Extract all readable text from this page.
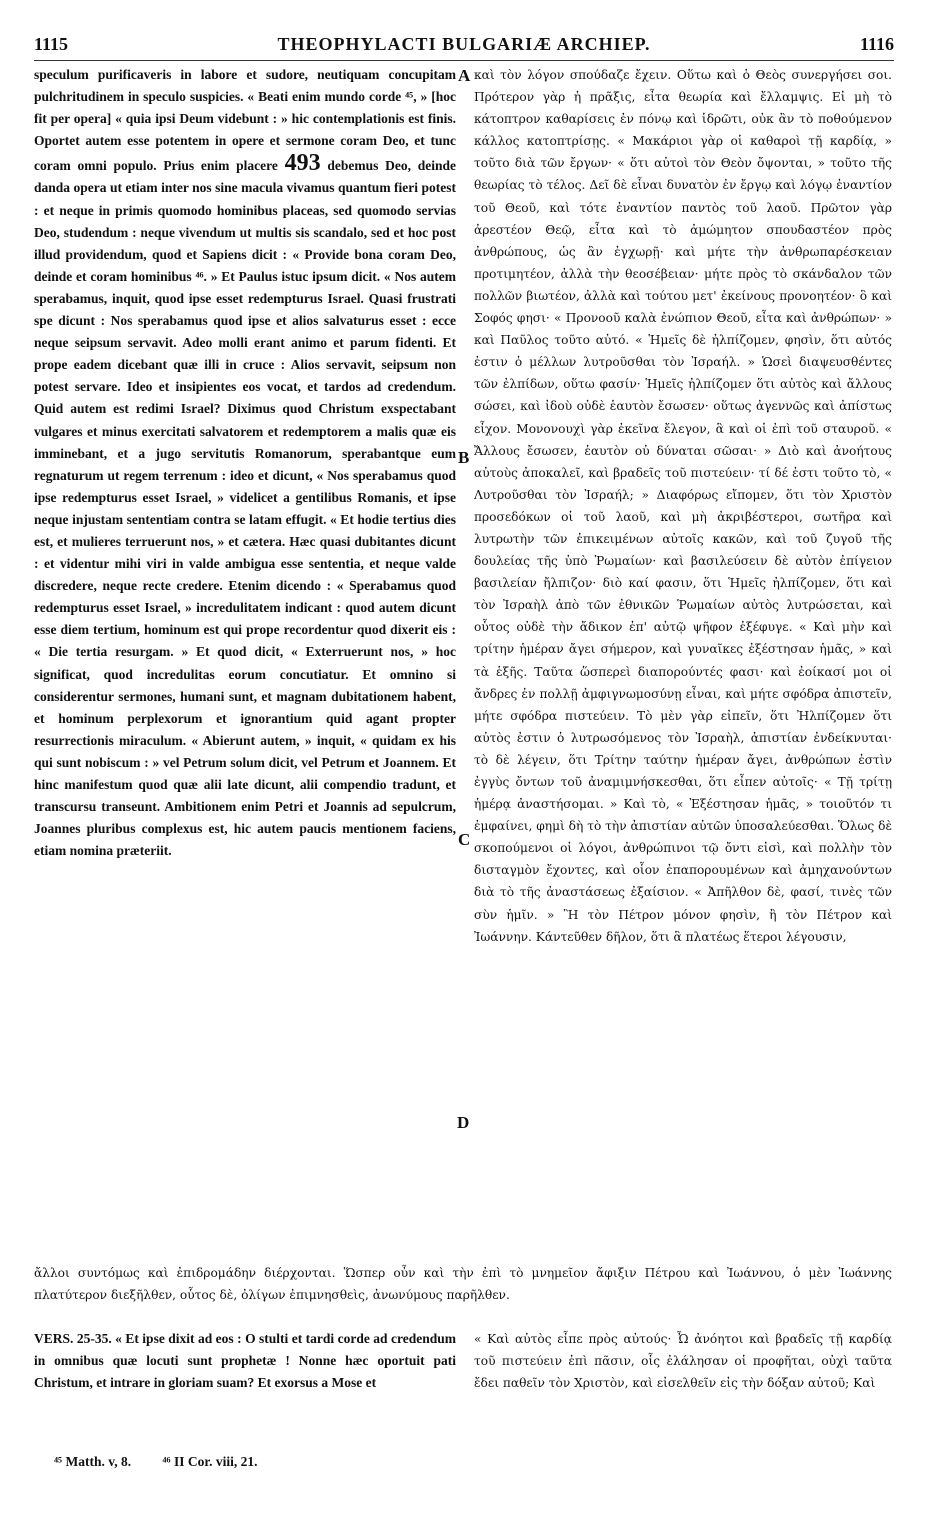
1115	THEOPHYLACTI BULGARIÆ ARCHIEP.	1116

speculum purificaveris in labore et sudore, neutiquam concupitam pulchritudinem in speculo suspicies. « Beati enim mundo corde ⁴⁵, » [hoc fit per opera] « quia ipsi Deum videbunt : » hic contemplationis est finis. Oportet autem esse potentem in opere et sermone coram Deo, et tunc coram omni populo. Prius enim placere 493 debemus Deo, deinde danda opera ut etiam inter nos sine macula vivamus quantum fieri potest : et neque in primis quomodo hominibus placeas, sed quomodo servias Deo, studendum : neque vivendum ut multis sis scandalo, sed et hoc post illud providendum, quod et Sapiens dicit : « Provide bona coram Deo, deinde et coram hominibus ⁴⁶. » Et Paulus istuc ipsum dicit. « Nos autem sperabamus, inquit, quod ipse esset redempturus Israel. Quasi frustrati spe dicunt : Nos sperabamus quod ipse et alios salvaturus esset : ecce neque seipsum servavit. Adeo molli erant animo et parum fidenti. Et prope eadem dicebant quæ illi in cruce : Alios servavit, seipsum non potest servare. Ideo et insipientes eos vocat, et tardos ad credendum. Quid autem est redimi Israel? Diximus quod Christum exspectabant vulgares et minus exercitati salvatorem et redemptorem a malis quæ eis imminebant, et a jugo servitutis Romanorum, sperabantque eum regnaturum ut regem terrenum : ideo et dicunt, « Nos sperabamus quod ipse redempturus esset Israel, » videlicet a gentilibus Romanis, et ipse neque injustam sententiam contra se latam effugit. « Et hodie tertius dies est, et mulieres terruerunt nos, » et cætera. Hæc quasi dubitantes dicunt : et videntur mihi viri in valde ambigua esse sententia, et neque valde discredere, neque recte credere. Etenim dicendo : « Sperabamus quod redempturus esset Israel, » incredulitatem indicant : quod autem dicunt esse diem tertium, hominum est qui prope recordentur quod dixerit eis : « Die tertia resurgam. » Et quod dicit, « Exterruerunt nos, » hoc significat, quod incredulitas eorum concutiatur. Et omnino si considerentur sermones, humani sunt, et magnam dubitationem habent, et hominum perplexorum et ignorantium quid agant propter resurrectionis miraculum. « Abierunt autem, » inquit, « quidam ex his qui sunt nobiscum : » vel Petrum solum dicit, vel Petrum et Joannem. Et hinc manifestum quod quæ alii late dicunt, alii compendio tradunt, et transcursu transeunt. Ambitionem enim Petri et Joannis ad sepulcrum, Joannes pluribus complexus est, hic autem paucis mentionem faciens, etiam nomina præteriit.

A
B
C
D

καὶ τὸν λόγον σπούδαζε ἔχειν. Οὕτω καὶ ὁ Θεὸς συνεργήσει σοι. Πρότερον γὰρ ἡ πρᾶξις, εἶτα θεωρία καὶ ἔλλαμψις. Εἰ μὴ τὸ κάτοπτρον καθαρίσεις ἐν πόνῳ καὶ ἱδρῶτι, οὐκ ἂν τὸ ποθούμενον κάλλος κατοπτρίσῃς. « Μακάριοι γὰρ οἱ καθαροὶ τῇ καρδίᾳ, » τοῦτο διὰ τῶν ἔργων· « ὅτι αὐτοὶ τὸν Θεὸν ὄψονται, » τοῦτο τῆς θεωρίας τὸ τέλος. Δεῖ δὲ εἶναι δυνατὸν ἐν ἔργῳ καὶ λόγῳ ἐναντίον τοῦ Θεοῦ, καὶ τότε ἐναντίον παντὸς τοῦ λαοῦ. Πρῶτον γὰρ ἀρεστέον Θεῷ, εἶτα καὶ τὸ ἀμώμητον σπουδαστέον πρὸς ἀνθρώπους, ὡς ἂν ἐγχωρῇ· καὶ μήτε τὴν ἀνθρωπαρέσκειαν προτιμητέον, ἀλλὰ τὴν θεοσέβειαν· μήτε πρὸς τὸ σκάνδαλον τῶν πολλῶν βιωτέον, ἀλλὰ καὶ τούτου μετ' ἐκείνους προνοητέον· ὃ καὶ Σοφός φησι· « Προνοοῦ καλὰ ἐνώπιον Θεοῦ, εἶτα καὶ ἀνθρώπων· » καὶ Παῦλος τοῦτο αὐτό. « Ἡμεῖς δὲ ἠλπίζομεν, φησὶν, ὅτι αὐτός ἐστιν ὁ μέλλων λυτροῦσθαι τὸν Ἰσραήλ. » Ὡσεὶ διαψευσθέντες τῶν ἐλπίδων, οὕτω φασίν· Ἡμεῖς ἠλπίζομεν ὅτι αὐτὸς καὶ ἄλλους σώσει, καὶ ἰδοὺ οὐδὲ ἑαυτὸν ἔσωσεν· οὕτως ἀγεννῶς καὶ ἀπίστως εἶχον. Μονονουχὶ γὰρ ἐκεῖνα ἔλεγον, ἃ καὶ οἱ ἐπὶ τοῦ σταυροῦ. « Ἄλλους ἔσωσεν, ἑαυτὸν οὐ δύναται σῶσαι· » Διὸ καὶ ἀνοήτους αὐτοὺς ἀποκαλεῖ, καὶ βραδεῖς τοῦ πιστεύειν· τί δέ ἐστι τοῦτο τὸ, « Λυτροῦσθαι τὸν Ἰσραήλ; » Διαφόρως εἴπομεν, ὅτι τὸν Χριστὸν προσεδόκων οἱ τοῦ λαοῦ, καὶ μὴ ἀκριβέστεροι, σωτῆρα καὶ λυτρωτὴν τῶν ἐπικειμένων αὐτοῖς κακῶν, καὶ τοῦ ζυγοῦ τῆς δουλείας τῆς ὑπὸ Ῥωμαίων· καὶ βασιλεύσειν δὲ αὐτὸν ἐπίγειον βασιλείαν ἤλπιζον· διὸ καί φασιν, ὅτι Ἡμεῖς ἠλπίζομεν, ὅτι καὶ τὸν Ἰσραὴλ ἀπὸ τῶν ἐθνικῶν Ῥωμαίων αὐτὸς λυτρώσεται, καὶ οὗτος οὐδὲ τὴν ἄδικον ἐπ' αὐτῷ ψῆφον ἐξέφυγε. « Καὶ μὴν καὶ τρίτην ἡμέραν ἄγει σήμερον, καὶ γυναῖκες ἐξέστησαν ἡμᾶς, » καὶ τὰ ἑξῆς. Ταῦτα ὥσπερεὶ διαπορούντές φασι· καὶ ἐοίκασί μοι οἱ ἄνδρες ἐν πολλῇ ἀμφιγνωμοσύνῃ εἶναι, καὶ μήτε σφόδρα ἀπιστεῖν, μήτε σφόδρα πιστεύειν. Τὸ μὲν γὰρ εἰπεῖν, ὅτι Ἠλπίζομεν ὅτι αὐτὸς ἐστιν ὁ λυτρωσόμενος τὸν Ἰσραὴλ, ἀπιστίαν ἐνδείκνυται· τὸ δὲ λέγειν, ὅτι Τρίτην ταύτην ἡμέραν ἄγει, ἀνθρώπων ἐστὶν ἐγγὺς ὄντων τοῦ ἀναμιμνήσκεσθαι, ὅτι εἶπεν αὐτοῖς· « Τῇ τρίτῃ ἡμέρᾳ ἀναστήσομαι. » Καὶ τὸ, « Ἐξέστησαν ἡμᾶς, » τοιοῦτόν τι ἐμφαίνει, φημὶ δὴ τὸ τὴν ἀπιστίαν αὐτῶν ὑποσαλεύεσθαι. Ὅλως δὲ σκοπούμενοι οἱ λόγοι, ἀνθρώπινοι τῷ ὄντι εἰσὶ, καὶ πολλὴν τὸν δισταγμὸν ἔχοντες, καὶ οἷον ἐπαπορουμένων καὶ ἀμηχανούντων διὰ τὸ τῆς ἀναστάσεως ἐξαίσιον. « Ἀπῆλθον δὲ, φασί, τινὲς τῶν σὺν ἡμῖν. » Ἢ τὸν Πέτρον μόνον φησὶν, ἢ τὸν Πέτρον καὶ Ἰωάννην. Κάντεῦθεν δῆλον, ὅτι ἃ πλατέως ἕτεροι λέγουσιν,

ἄλλοι συντόμως καὶ ἐπιδρομάδην διέρχονται. Ὥσπερ οὖν καὶ τὴν ἐπὶ τὸ μνημεῖον ἄφιξιν Πέτρου καὶ Ἰωάννου, ὁ μὲν Ἰωάννης πλατύτερον διεξῆλθεν, οὗτος δὲ, ὀλίγων ἐπιμνησθεὶς, ἀνωνύμους παρῆλθεν.
VERS. 25-35. « Et ipse dixit ad eos : O stulti et tardi corde ad credendum in omnibus quæ locuti sunt prophetæ ! Nonne hæc oportuit pati Christum, et intrare in gloriam suam? Et exorsus a Mose et
« Καὶ αὐτὸς εἶπε πρὸς αὐτούς· Ὦ ἀνόητοι καὶ βραδεῖς τῇ καρδίᾳ τοῦ πιστεύειν ἐπὶ πᾶσιν, οἷς ἐλάλησαν οἱ προφῆται, οὐχὶ ταῦτα ἔδει παθεῖν τὸν Χριστὸν, καὶ εἰσελθεῖν εἰς τὴν δόξαν αὐτοῦ; Καὶ
⁴⁵ Matth. v, 8. ⁴⁶ II Cor. viii, 21.
